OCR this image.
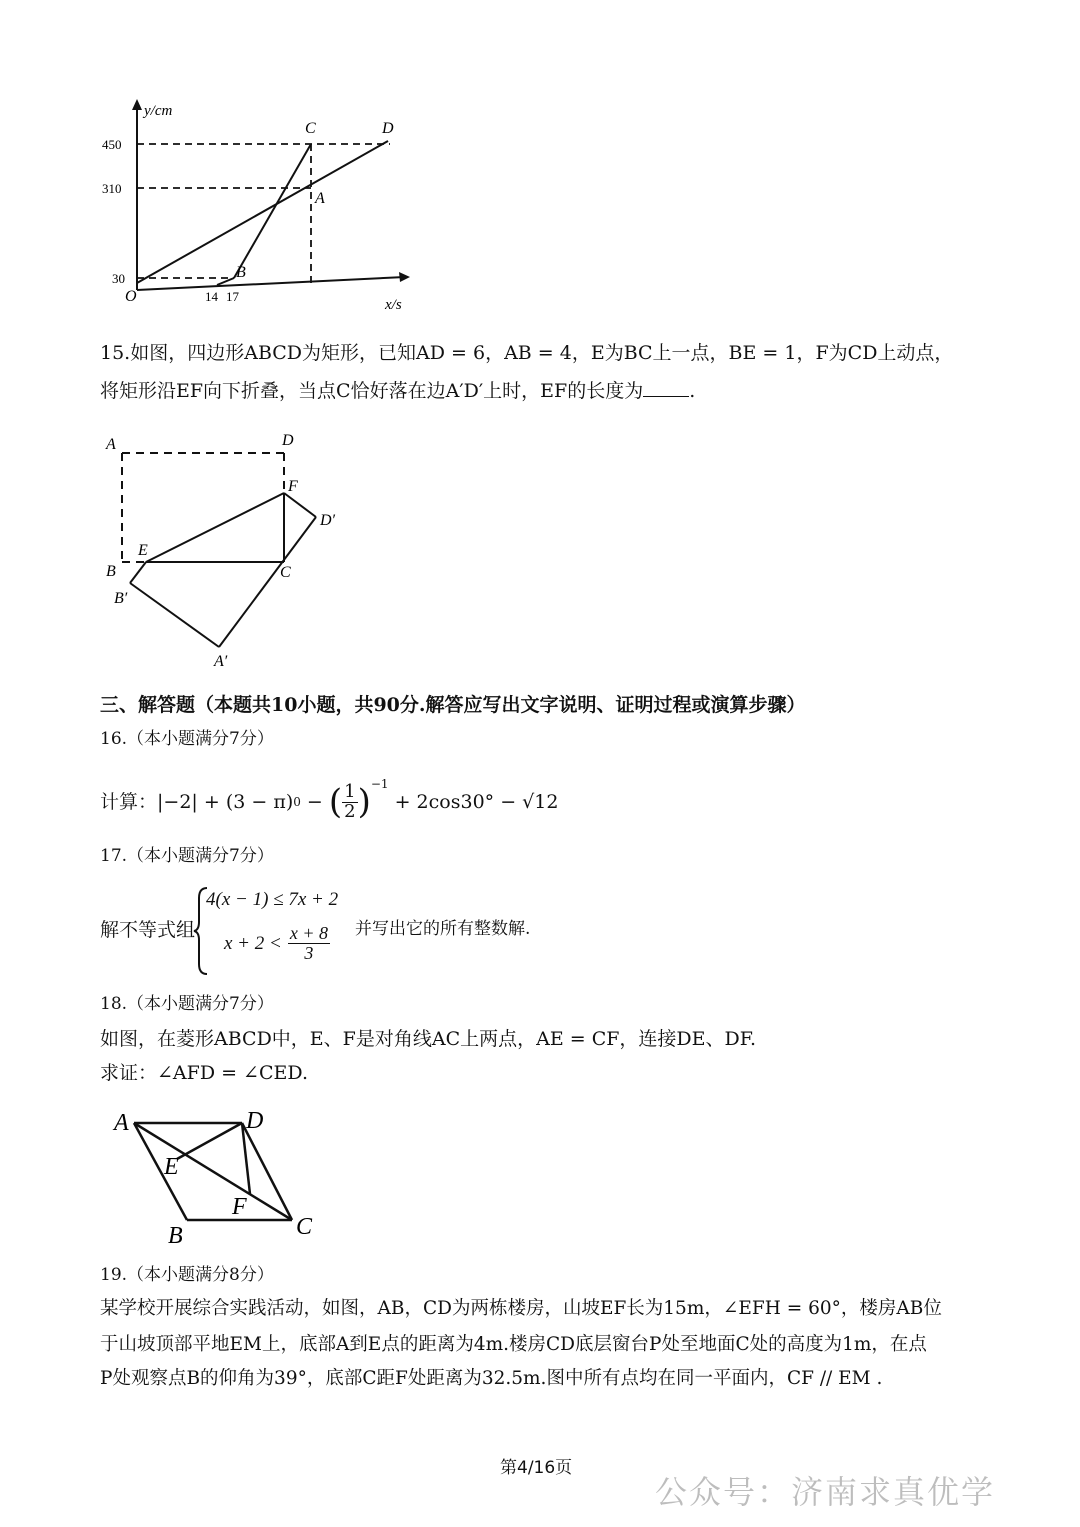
y/cm
x/s
O
450
310
30
14 17
C	D
A
B
15.如图，四边形ABCD为矩形，已知AD = 6，AB = 4，E为BC上一点，BE = 1，F为CD上动点，
将矩形沿EF向下折叠，当点C恰好落在边A′D′上时，EF的长度为 .
A	D
F
D′
E
B	C
B′
A′
三、解答题（本题共10小题，共90分.解答应写出文字说明、证明过程或演算步骤）
16.（本小题满分7分）
计算： |−2| + (3 − π) 0 − ( $\frac{1}{2} )^{-1}$
+ 2cos30° − √12
17.（本小题满分7分）
解不等式组
4(x − 1) ≤ 7x + 2
$x + 2 < \frac{x + 8}{3}$ 并写出它的所有整数解.
18.（本小题满分7分）
如图，在菱形ABCD中，E、F是对角线AC上两点，AE = CF，连接DE、DF.
求证：∠AFD = ∠CED.
A	D
E
F
B	C
19.（本小题满分8分）
某学校开展综合实践活动，如图，AB，CD为两栋楼房，山坡EF长为15m，∠EFH = 60°，楼房AB位
于山坡顶部平地EM上，底部A到E点的距离为4m.楼房CD底层窗台P处至地面C处的高度为1m，在点
P处观察点B的仰角为39°，底部C距F处距离为32.5m.图中所有点均在同一平面内，CF // EM .
第4/16页
公众号：济南求真优学
